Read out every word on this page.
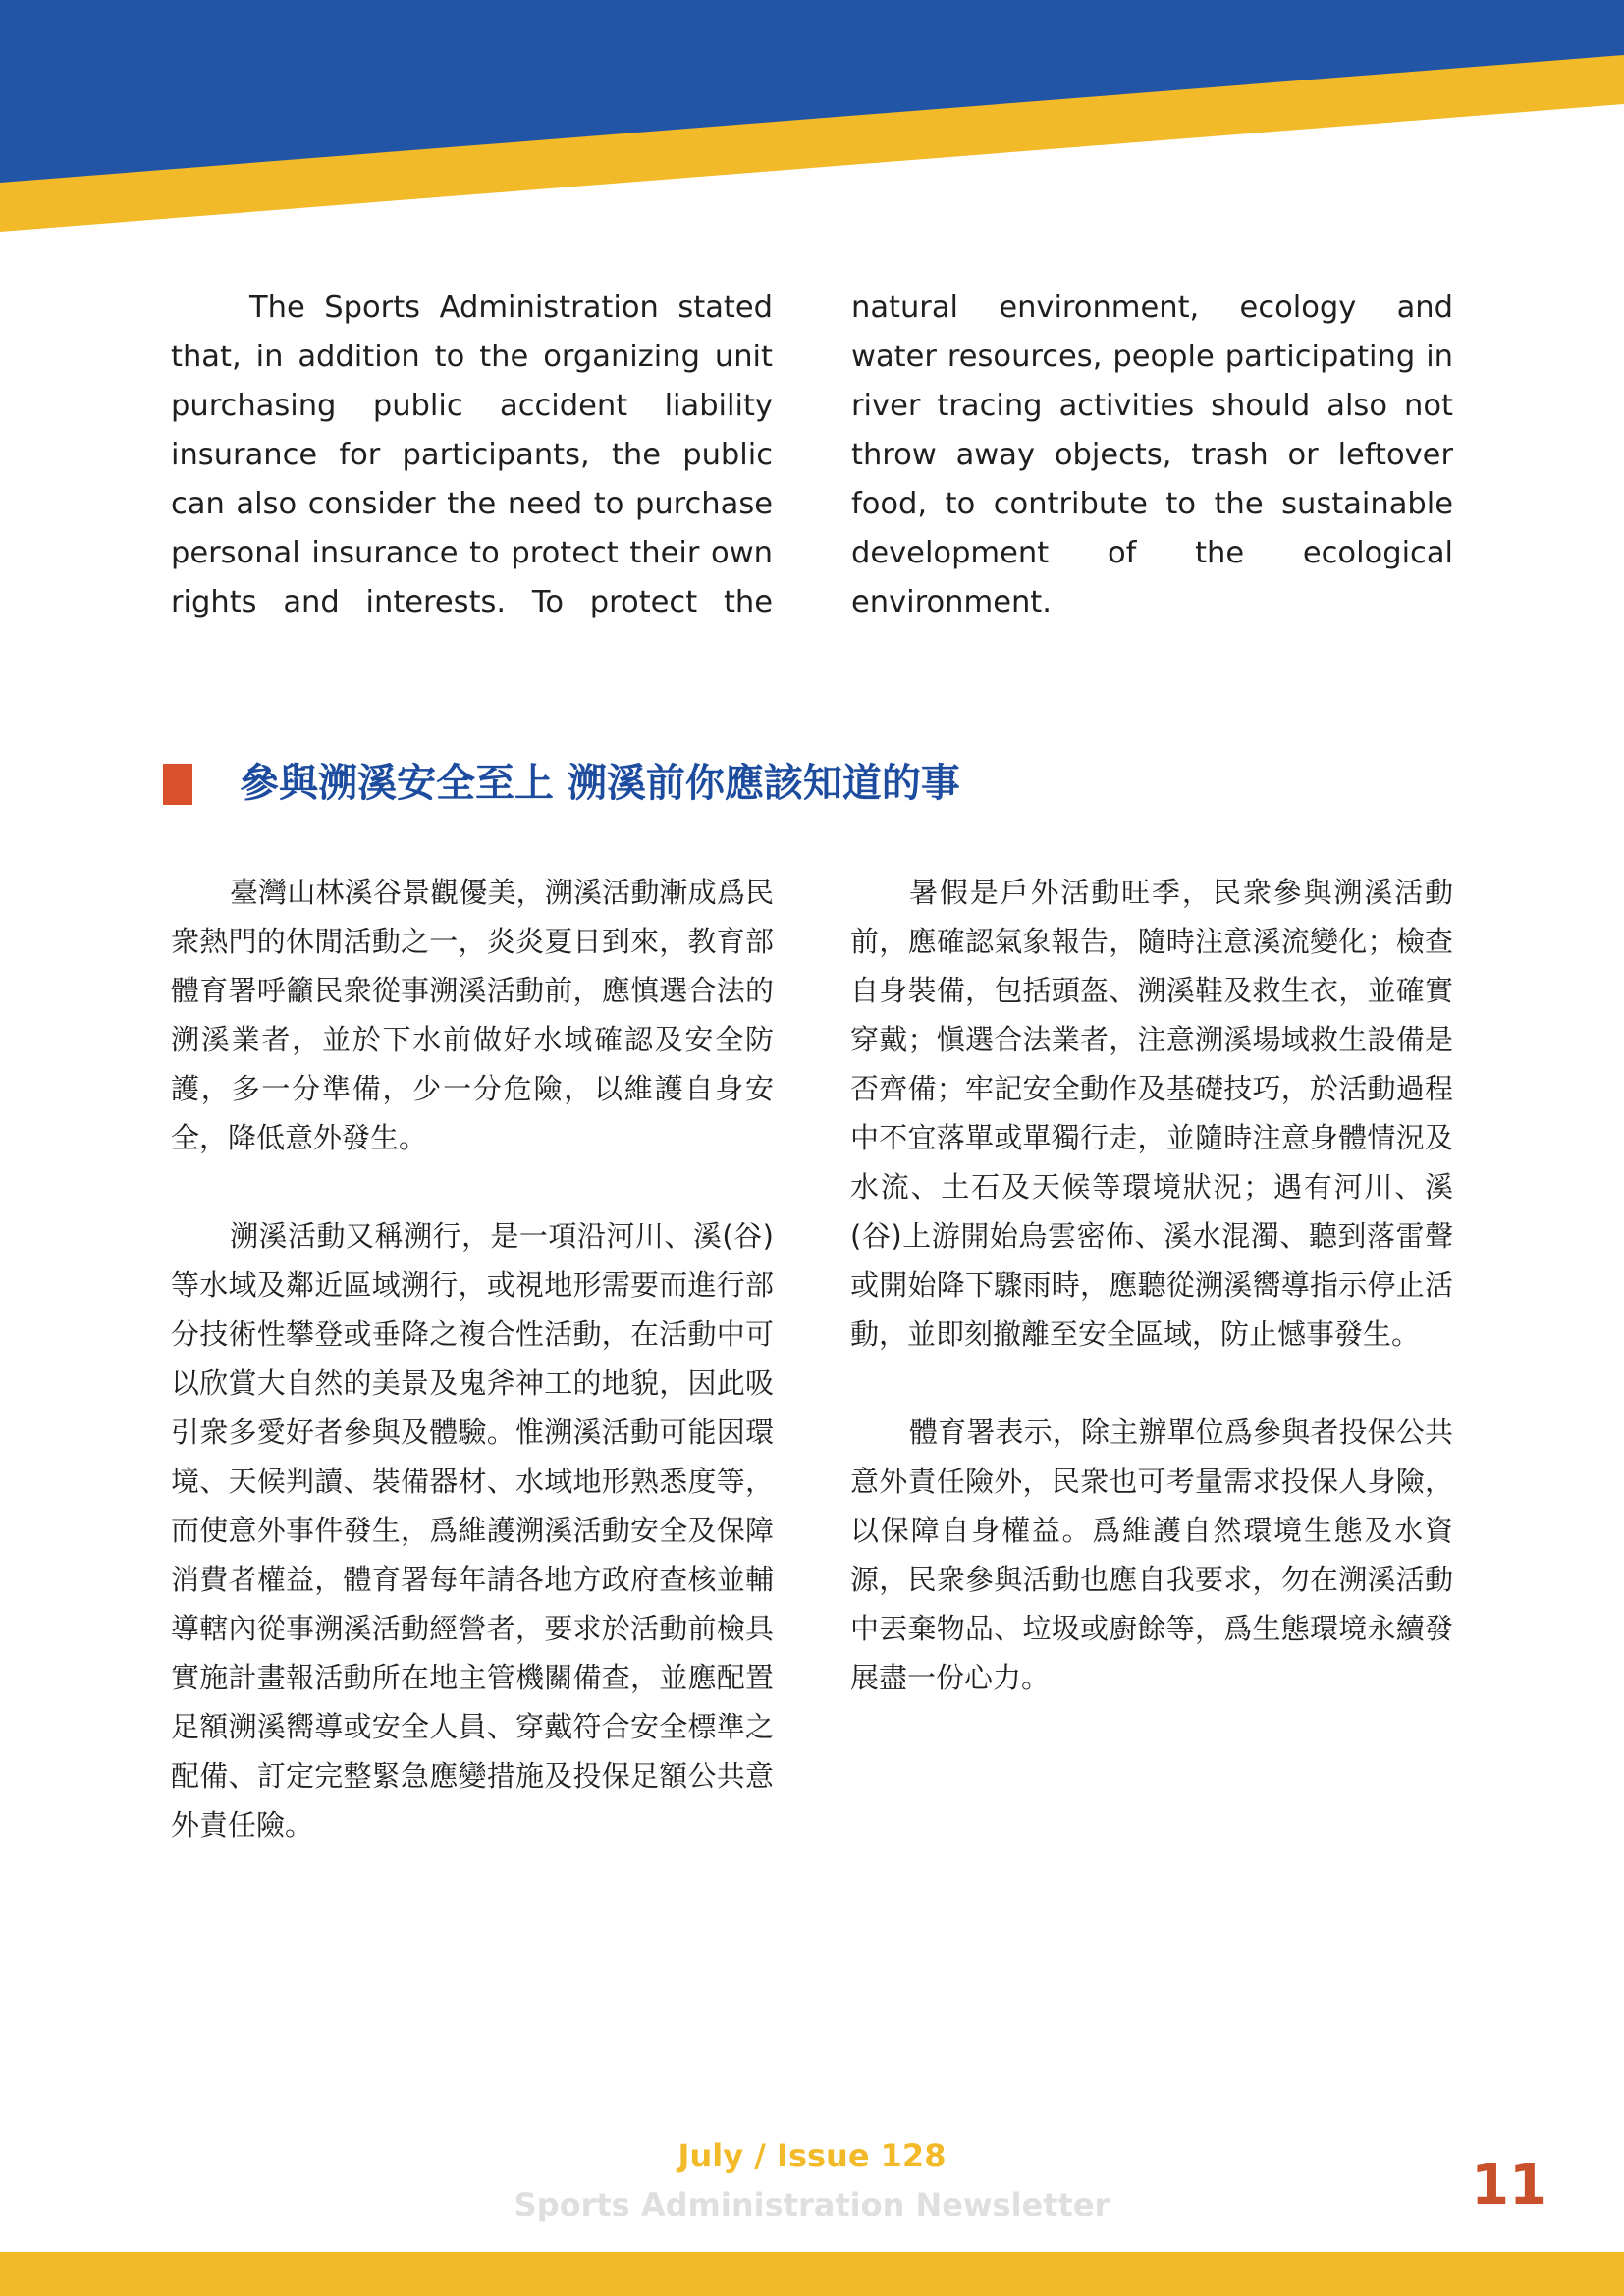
The Sports Administration stated that, in addition to the organizing unit purchasing public accident liability insurance for participants, the public can also consider the need to purchase personal insurance to protect their own rights and interests. To protect the natural environment, ecology and water resources, people participating in river tracing activities should also not throw away objects, trash or leftover food, to contribute to the sustainable development of the ecological environment.

參與溯溪安全至上 溯溪前你應該知道的事

臺灣山林溪谷景觀優美，溯溪活動漸成爲民衆熱門的休閒活動之一，炎炎夏日到來，教育部體育署呼籲民衆從事溯溪活動前，應慎選合法的溯溪業者，並於下水前做好水域確認及安全防護，多一分準備，少一分危險，以維護自身安全，降低意外發生。

溯溪活動又稱溯行，是一項沿河川、溪(谷)等水域及鄰近區域溯行，或視地形需要而進行部分技術性攀登或垂降之複合性活動，在活動中可以欣賞大自然的美景及鬼斧神工的地貌，因此吸引衆多愛好者參與及體驗。惟溯溪活動可能因環境、天候判讀、裝備器材、水域地形熟悉度等，而使意外事件發生，爲維護溯溪活動安全及保障消費者權益，體育署每年請各地方政府查核並輔導轄內從事溯溪活動經營者，要求於活動前檢具實施計畫報活動所在地主管機關備查，並應配置足額溯溪嚮導或安全人員、穿戴符合安全標準之配備、訂定完整緊急應變措施及投保足額公共意外責任險。

暑假是戶外活動旺季，民衆參與溯溪活動前，應確認氣象報告，隨時注意溪流變化；檢查自身裝備，包括頭盔、溯溪鞋及救生衣，並確實穿戴；愼選合法業者，注意溯溪場域救生設備是否齊備；牢記安全動作及基礎技巧，於活動過程中不宜落單或單獨行走，並隨時注意身體情況及水流、土石及天候等環境狀況；遇有河川、溪(谷)上游開始烏雲密佈、溪水混濁、聽到落雷聲或開始降下驟雨時，應聽從溯溪嚮導指示停止活動，並即刻撤離至安全區域，防止憾事發生。

體育署表示，除主辦單位爲參與者投保公共意外責任險外，民衆也可考量需求投保人身險，以保障自身權益。爲維護自然環境生態及水資源，民衆參與活動也應自我要求，勿在溯溪活動中丟棄物品、垃圾或廚餘等，爲生態環境永續發展盡一份心力。

July / Issue 128
Sports Administration Newsletter	11
